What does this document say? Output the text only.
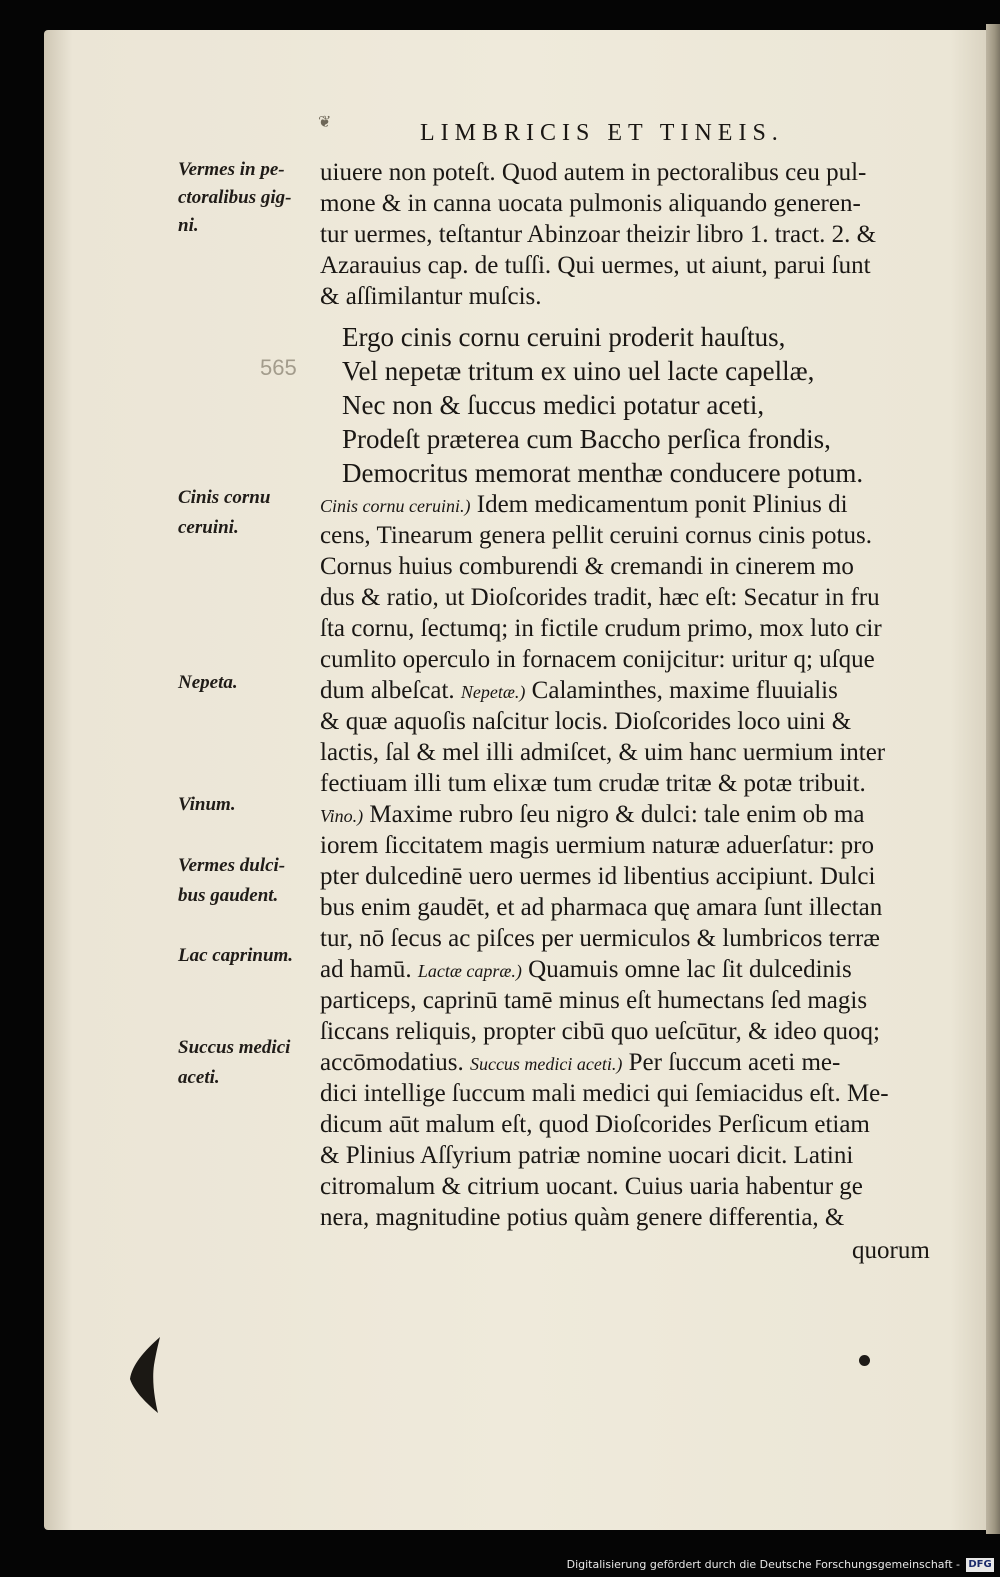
❦	LIMBRICIS ET TINEIS.
565
Vermes in pe-
ctoralibus gig-
ni.
Cinis cornu
ceruini.
Nepeta.
Vinum.
Vermes dulci-
bus gaudent.
Lac caprinum.
Succus medici
aceti.
uiuere non poteſt. Quod autem in pectoralibus ceu pul-
mone & in canna uocata pulmonis aliquando generen-
tur uermes, teſtantur Abinzoar theizir libro 1. tract. 2. &
Azarauius cap. de tuſſi. Qui uermes, ut aiunt, parui ſunt
& aſſimilantur muſcis.
Ergo cinis cornu ceruini proderit hauſtus,
Vel nepetæ tritum ex uino uel lacte capellæ,
Nec non & ſuccus medici potatur aceti,
Prodeſt præterea cum Baccho perſica frondis,
Democritus memorat menthæ conducere potum.
Cinis cornu ceruini.) Idem medicamentum ponit Plinius di
cens, Tinearum genera pellit ceruini cornus cinis potus.
Cornus huius comburendi & cremandi in cinerem mo
dus & ratio, ut Dioſcorides tradit, hæc eſt: Secatur in fru
ſta cornu, ſectumq; in fictile crudum primo, mox luto cir
cumlito operculo in fornacem conijcitur: uritur q; uſque
dum albeſcat. Nepetæ.) Calaminthes, maxime fluuialis
& quæ aquoſis naſcitur locis. Dioſcorides loco uini &
lactis, ſal & mel illi admiſcet, & uim hanc uermium inter
fectiuam illi tum elixæ tum crudæ tritæ & potæ tribuit.
Vino.) Maxime rubro ſeu nigro & dulci: tale enim ob ma
iorem ſiccitatem magis uermium naturæ aduerſatur: pro
pter dulcedinē uero uermes id libentius accipiunt. Dulci
bus enim gaudēt, et ad pharmaca quę amara ſunt illectan
tur, nō ſecus ac piſces per uermiculos & lumbricos terræ
ad hamū. Lactæ capræ.) Quamuis omne lac ſit dulcedinis
particeps, caprinū tamē minus eſt humectans ſed magis
ſiccans reliquis, propter cibū quo ueſcūtur, & ideo quoq;
accōmodatius. Succus medici aceti.) Per ſuccum aceti me-
dici intellige ſuccum mali medici qui ſemiacidus eſt. Me-
dicum aūt malum eſt, quod Dioſcorides Perſicum etiam
& Plinius Aſſyrium patriæ nomine uocari dicit. Latini
citromalum & citrium uocant. Cuius uaria habentur ge
nera, magnitudine potius quàm genere differentia, &
quorum
Digitalisierung gefördert durch die Deutsche Forschungsgemeinschaft - DFG
